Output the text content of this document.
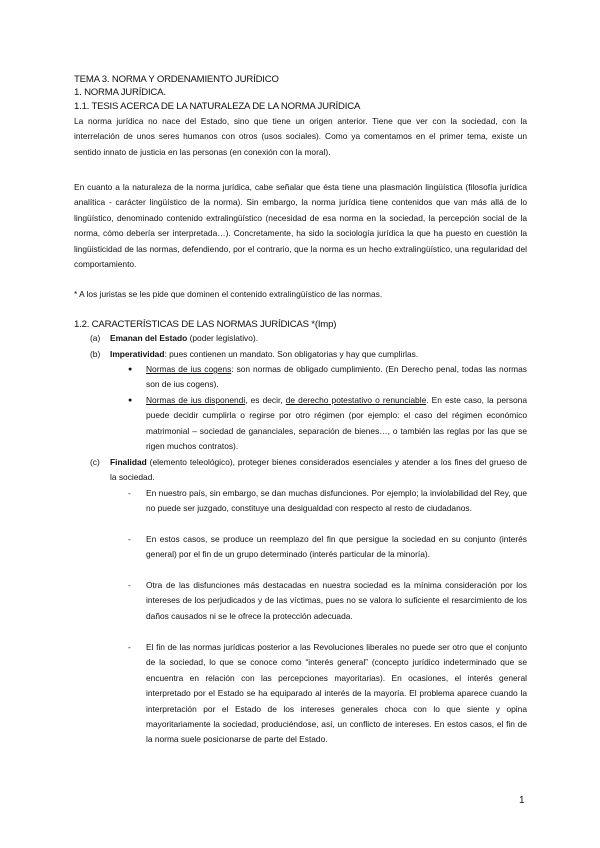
TEMA 3. NORMA Y ORDENAMIENTO JURÍDICO
1. NORMA JURÍDICA.
1.1. TESIS ACERCA DE LA NATURALEZA DE LA NORMA JURÍDICA

La norma jurídica no nace del Estado, sino que tiene un origen anterior. Tiene que ver con la sociedad, con la interrelación de unos seres humanos con otros (usos sociales). Como ya comentamos en el primer tema, existe un sentido innato de justicia en las personas (en conexión con la moral).

En cuanto a la naturaleza de la norma jurídica, cabe señalar que ésta tiene una plasmación lingüística (filosofía jurídica analítica - carácter lingüístico de la norma). Sin embargo, la norma jurídica tiene contenidos que van más allá de lo lingüístico, denominado contenido extralingüístico (necesidad de esa norma en la sociedad, la percepción social de la norma, cómo debería ser interpretada…). Concretamente, ha sido la sociología jurídica la que ha puesto en cuestión la lingüisticidad de las normas, defendiendo, por el contrario, que la norma es un hecho extralingüístico, una regularidad del comportamiento.

* A los juristas se les pide que dominen el contenido extralingüístico de las normas.

1.2. CARACTERÍSTICAS DE LAS NORMAS JURÍDICAS *(Imp)
(a) Emanan del Estado (poder legislativo).

(b) Imperatividad: pues contienen un mandato. Son obligatorias y hay que cumplirlas.

● Normas de ius cogens: son normas de obligado cumplimiento. (En Derecho penal, todas las normas son de ius cogens).

● Normas de ius disponendi, es decir, de derecho potestativo o renunciable. En este caso, la persona puede decidir cumplirla o regirse por otro régimen (por ejemplo: el caso del régimen económico matrimonial – sociedad de gananciales, separación de bienes…, o también las reglas por las que se rigen muchos contratos).

(c) Finalidad (elemento teleológico), proteger bienes considerados esenciales y atender a los fines del grueso de la sociedad.

- En nuestro país, sin embargo, se dan muchas disfunciones. Por ejemplo; la inviolabilidad del Rey, que no puede ser juzgado, constituye una desigualdad con respecto al resto de ciudadanos.

- En estos casos, se produce un reemplazo del fin que persigue la sociedad en su conjunto (interés general) por el fin de un grupo determinado (interés particular de la minoría).

- Otra de las disfunciones más destacadas en nuestra sociedad es la mínima consideración por los intereses de los perjudicados y de las víctimas, pues no se valora lo suficiente el resarcimiento de los daños causados ni se le ofrece la protección adecuada.

- El fin de las normas jurídicas posterior a las Revoluciones liberales no puede ser otro que el conjunto de la sociedad, lo que se conoce como “interés general” (concepto jurídico indeterminado que se encuentra en relación con las percepciones mayoritarias). En ocasiones, el interés general interpretado por el Estado se ha equiparado al interés de la mayoría. El problema aparece cuando la interpretación por el Estado de los intereses generales choca con lo que siente y opina mayoritariamente la sociedad, produciéndose, así, un conflicto de intereses. En estos casos, el fin de la norma suele posicionarse de parte del Estado.

1
